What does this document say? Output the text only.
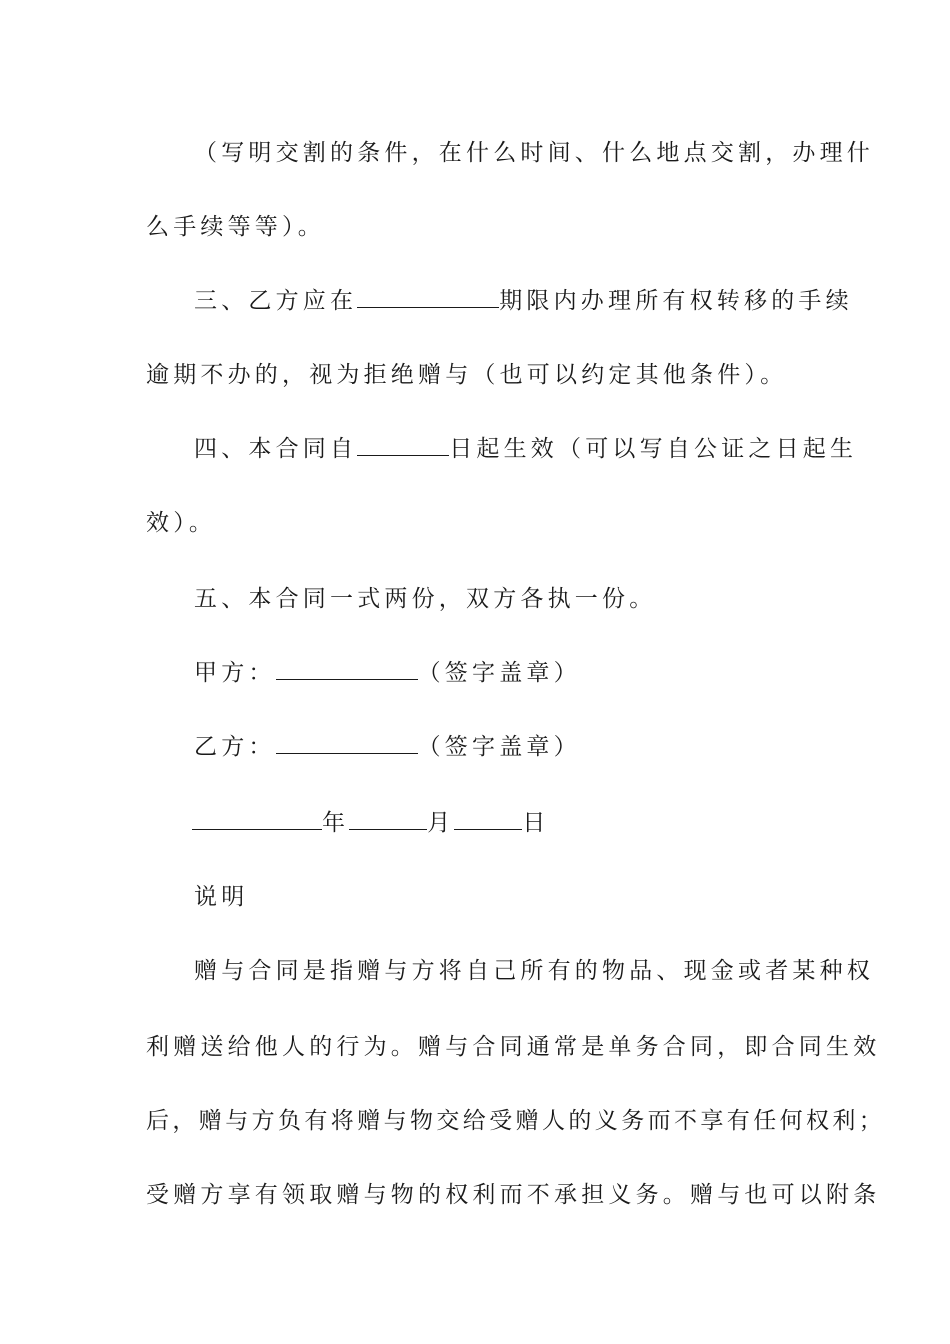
（写明交割的条件，在什么时间、什么地点交割，办理什
么手续等等）。
三、乙方应在	期限内办理所有权转移的手续
逾期不办的，视为拒绝赠与（也可以约定其他条件）。
四、本合同自	日起生效（可以写自公证之日起生
效）。
五、本合同一式两份，双方各执一份。
甲方：	（签字盖章）
乙方：	（签字盖章）
年	月	日
说明
赠与合同是指赠与方将自己所有的物品、现金或者某种权
利赠送给他人的行为。赠与合同通常是单务合同，即合同生效
后，赠与方负有将赠与物交给受赠人的义务而不享有任何权利；
受赠方享有领取赠与物的权利而不承担义务。赠与也可以附条
